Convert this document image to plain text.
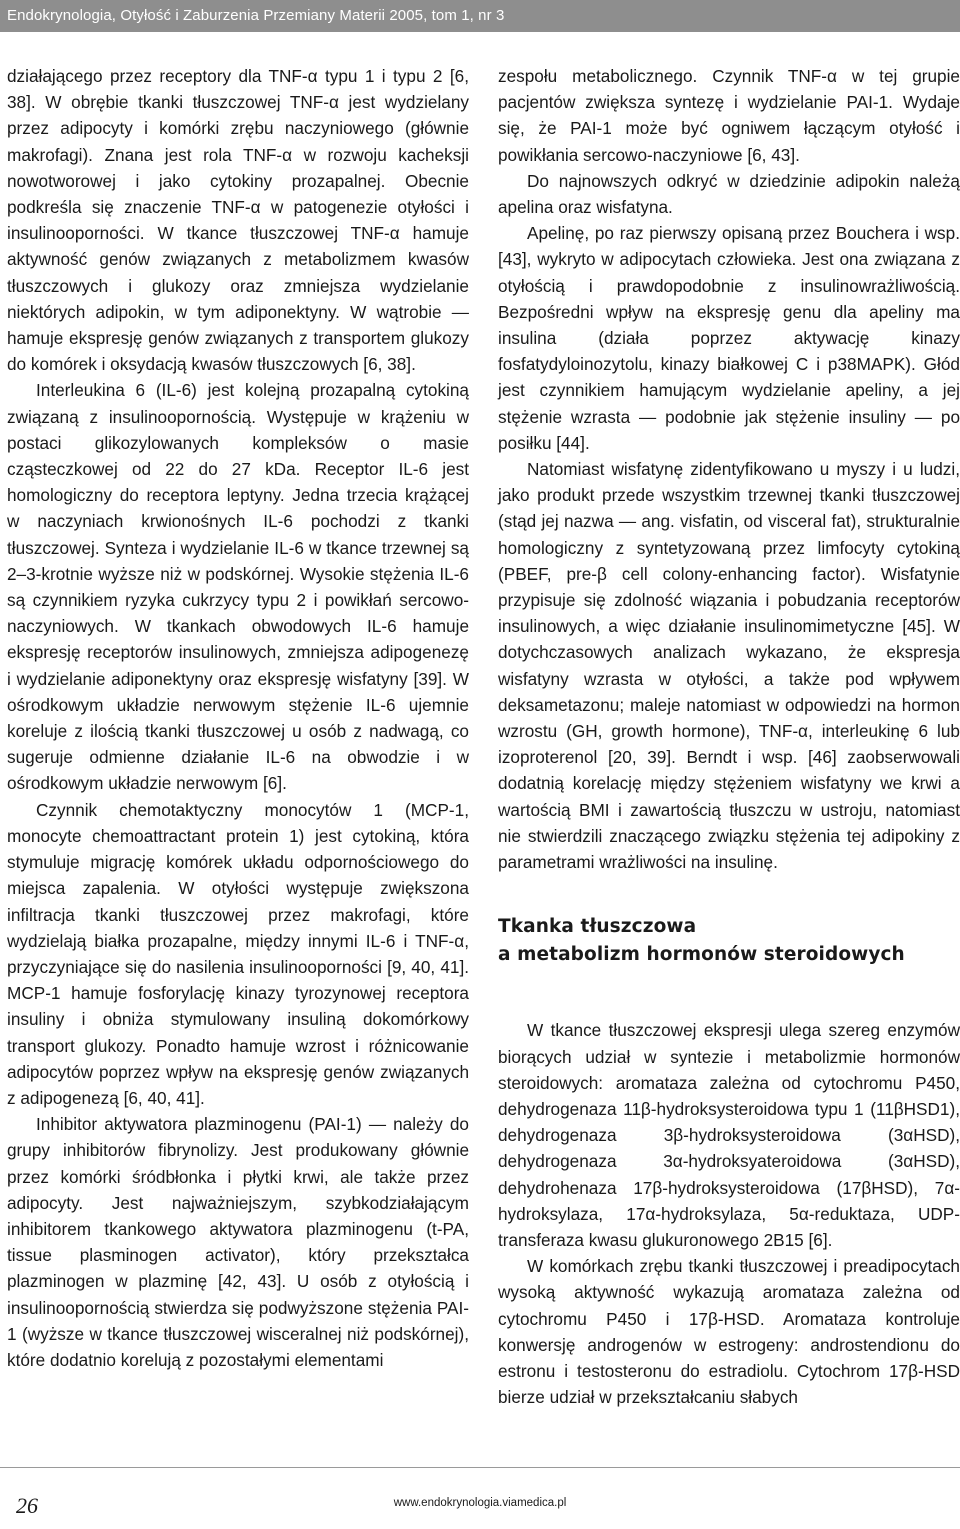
Endokrynologia, Otyłość i Zaburzenia Przemiany Materii 2005, tom 1, nr 3

działającego przez receptory dla TNF-α typu 1 i typu 2 [6, 38]. W obrębie tkanki tłuszczowej TNF-α jest wydzielany przez adipocyty i komórki zrębu naczyniowego (głównie makrofagi). Znana jest rola TNF-α w rozwoju kacheksji nowotworowej i jako cytokiny prozapalnej. Obecnie podkreśla się znaczenie TNF-α w patogenezie otyłości i insulinooporności. W tkance tłuszczowej TNF-α hamuje aktywność genów związanych z metabolizmem kwasów tłuszczowych i glukozy oraz zmniejsza wydzielanie niektórych adipokin, w tym adiponektyny. W wątrobie — hamuje ekspresję genów związanych z transportem glukozy do komórek i oksydacją kwasów tłuszczowych [6, 38].

Interleukina 6 (IL-6) jest kolejną prozapalną cytokiną związaną z insulinoopornością. Występuje w krążeniu w postaci glikozylowanych kompleksów o masie cząsteczkowej od 22 do 27 kDa. Receptor IL-6 jest homologiczny do receptora leptyny. Jedna trzecia krążącej w naczyniach krwionośnych IL-6 pochodzi z tkanki tłuszczowej. Synteza i wydzielanie IL-6 w tkance trzewnej są 2–3-krotnie wyższe niż w podskórnej. Wysokie stężenia IL-6 są czynnikiem ryzyka cukrzycy typu 2 i powikłań sercowo-naczyniowych. W tkankach obwodowych IL-6 hamuje ekspresję receptorów insulinowych, zmniejsza adipogenezę i wydzielanie adiponektyny oraz ekspresję wisfatyny [39]. W ośrodkowym układzie nerwowym stężenie IL-6 ujemnie koreluje z ilością tkanki tłuszczowej u osób z nadwagą, co sugeruje odmienne działanie IL-6 na obwodzie i w ośrodkowym układzie nerwowym [6].

Czynnik chemotaktyczny monocytów 1 (MCP-1, monocyte chemoattractant protein 1) jest cytokiną, która stymuluje migrację komórek układu odpornościowego do miejsca zapalenia. W otyłości występuje zwiększona infiltracja tkanki tłuszczowej przez makrofagi, które wydzielają białka prozapalne, między innymi IL-6 i TNF-α, przyczyniające się do nasilenia insulinooporności [9, 40, 41]. MCP-1 hamuje fosforylację kinazy tyrozynowej receptora insuliny i obniża stymulowany insuliną dokomórkowy transport glukozy. Ponadto hamuje wzrost i różnicowanie adipocytów poprzez wpływ na ekspresję genów związanych z adipogenezą [6, 40, 41].

Inhibitor aktywatora plazminogenu (PAI-1) — należy do grupy inhibitorów fibrynolizy. Jest produkowany głównie przez komórki śródbłonka i płytki krwi, ale także przez adipocyty. Jest najważniejszym, szybkodziałającym inhibitorem tkankowego aktywatora plazminogenu (t-PA, tissue plasminogen activator), który przekształca plazminogen w plazminę [42, 43]. U osób z otyłością i insulinoopornością stwierdza się podwyższone stężenia PAI-1 (wyższe w tkance tłuszczowej wisceralnej niż podskórnej), które dodatnio korelują z pozostałymi elementami

zespołu metabolicznego. Czynnik TNF-α w tej grupie pacjentów zwiększa syntezę i wydzielanie PAI-1. Wydaje się, że PAI-1 może być ogniwem łączącym otyłość i powikłania sercowo-naczyniowe [6, 43].

Do najnowszych odkryć w dziedzinie adipokin należą apelina oraz wisfatyna.

Apelinę, po raz pierwszy opisaną przez Bouchera i wsp. [43], wykryto w adipocytach człowieka. Jest ona związana z otyłością i prawdopodobnie z insulinowrażliwością. Bezpośredni wpływ na ekspresję genu dla apeliny ma insulina (działa poprzez aktywację kinazy fosfatydyloinozytolu, kinazy białkowej C i p38MAPK). Głód jest czynnikiem hamującym wydzielanie apeliny, a jej stężenie wzrasta — podobnie jak stężenie insuliny — po posiłku [44].

Natomiast wisfatynę zidentyfikowano u myszy i u ludzi, jako produkt przede wszystkim trzewnej tkanki tłuszczowej (stąd jej nazwa — ang. visfatin, od visceral fat), strukturalnie homologiczny z syntetyzowaną przez limfocyty cytokiną (PBEF, pre-β cell colony-enhancing factor). Wisfatynie przypisuje się zdolność wiązania i pobudzania receptorów insulinowych, a więc działanie insulinomimetyczne [45]. W dotychczasowych analizach wykazano, że ekspresja wisfatyny wzrasta w otyłości, a także pod wpływem deksametazonu; maleje natomiast w odpowiedzi na hormon wzrostu (GH, growth hormone), TNF-α, interleukinę 6 lub izoproterenol [20, 39]. Berndt i wsp. [46] zaobserwowali dodatnią korelację między stężeniem wisfatyny we krwi a wartością BMI i zawartością tłuszczu w ustroju, natomiast nie stwierdzili znaczącego związku stężenia tej adipokiny z parametrami wrażliwości na insulinę.

Tkanka tłuszczowa
a metabolizm hormonów steroidowych

W tkance tłuszczowej ekspresji ulega szereg enzymów biorących udział w syntezie i metabolizmie hormonów steroidowych: aromataza zależna od cytochromu P450, dehydrogenaza 11β-hydroksysteroidowa typu 1 (11βHSD1), dehydrogenaza 3β-hydroksysteroidowa (3αHSD), dehydrogenaza 3α-hydroksyateroidowa (3αHSD), dehydrohenaza 17β-hydroksysteroidowa (17βHSD), 7α-hydroksylaza, 17α-hydroksylaza, 5α-reduktaza, UDP-transferaza kwasu glukuronowego 2B15 [6].

W komórkach zrębu tkanki tłuszczowej i preadipocytach wysoką aktywność wykazują aromataza zależna od cytochromu P450 i 17β-HSD. Aromataza kontroluje konwersję androgenów w estrogeny: androstendionu do estronu i testosteronu do estradiolu. Cytochrom 17β-HSD bierze udział w przekształcaniu słabych

26	www.endokrynologia.viamedica.pl
